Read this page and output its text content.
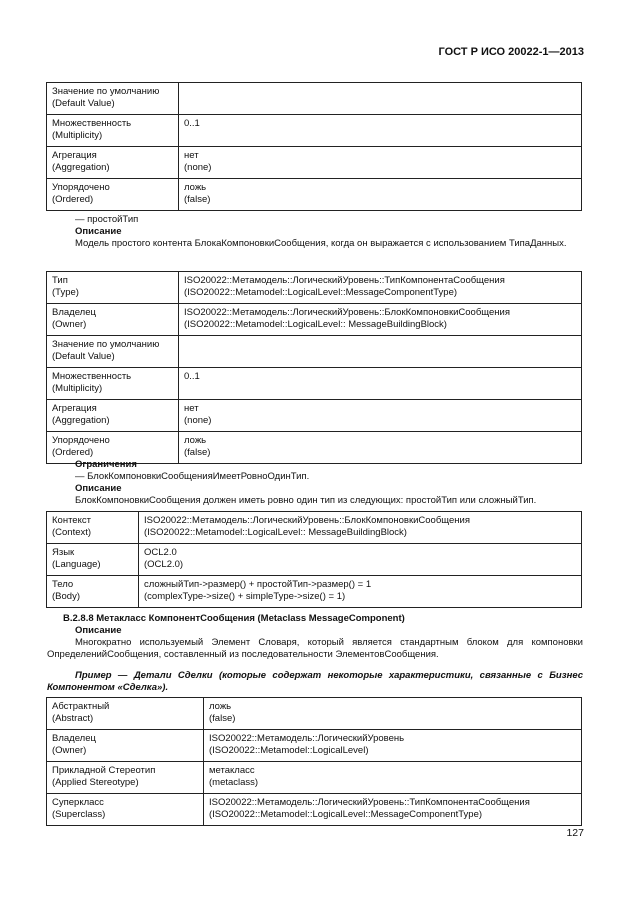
ГОСТ Р ИСО 20022-1—2013
Значение по умолчанию
(Default Value)	

Множественность
(Multiplicity)	0..1

Агрегация
(Aggregation)	нет
(none)

Упорядочено
(Ordered)	ложь
(false)
— простойТип
Описание
Модель простого контента БлокаКомпоновкиСообщения, когда он выражается с использованием ТипаДанных.
Тип
(Type)	ISO20022::Метамодель::ЛогическийУровень::ТипКомпонентаСообщения
(ISO20022::Metamodel::LogicalLevel::MessageComponentType)

Владелец
(Owner)	ISO20022::Метамодель::ЛогическийУровень::БлокКомпоновкиСообщения
(ISO20022::Metamodel::LogicalLevel:: MessageBuildingBlock)

Значение по умолчанию
(Default Value)	

Множественность
(Multiplicity)	0..1

Агрегация
(Aggregation)	нет
(none)

Упорядочено
(Ordered)	ложь
(false)
Ограничения
— БлокКомпоновкиСообщенияИмеетРовноОдинТип.
Описание
БлокКомпоновкиСообщения должен иметь ровно один тип из следующих: простойТип или сложныйТип.
Контекст
(Context)	ISO20022::Метамодель::ЛогическийУровень::БлокКомпоновкиСообщения
(ISO20022::Metamodel::LogicalLevel:: MessageBuildingBlock)

Язык
(Language)	OCL2.0
(OCL2.0)

Тело
(Body)	сложныйТип->размер() + простойТип->размер() = 1
(complexType->size() + simpleType->size() = 1)
В.2.8.8 Метакласс КомпонентСообщения (Metaclass MessageComponent)
Описание
Многократно используемый Элемент Словаря, который является стандартным блоком для компоновки ОпределенийСообщения, составленный из последовательности ЭлементовСообщения.
Пример — Детали Сделки (которые содержат некоторые характеристики, связанные с Бизнес Компонентом «Сделка»).
Абстрактный
(Abstract)	ложь
(false)

Владелец
(Owner)	ISO20022::Метамодель::ЛогическийУровень
(ISO20022::Metamodel::LogicalLevel)

Прикладной Стереотип
(Applied Stereotype)	метакласс
(metaclass)

Суперкласс
(Superclass)	ISO20022::Метамодель::ЛогическийУровень::ТипКомпонентаСообщения
(ISO20022::Metamodel::LogicalLevel::MessageComponentType)
127
